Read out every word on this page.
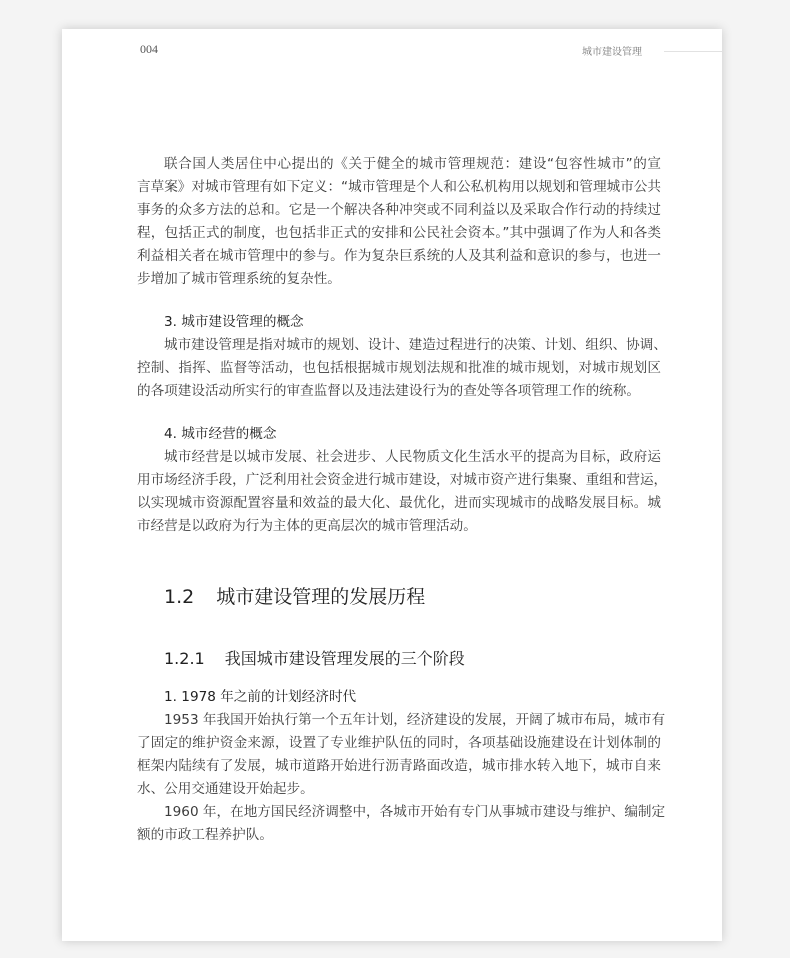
004	城市建设管理
联合国人类居住中心提出的《关于健全的城市管理规范：建设“包容性城市”的宣
言草案》对城市管理有如下定义：“城市管理是个人和公私机构用以规划和管理城市公共
事务的众多方法的总和。它是一个解决各种冲突或不同利益以及采取合作行动的持续过
程，包括正式的制度，也包括非正式的安排和公民社会资本。”其中强调了作为人和各类
利益相关者在城市管理中的参与。作为复杂巨系统的人及其利益和意识的参与，也进一
步增加了城市管理系统的复杂性。
3. 城市建设管理的概念
城市建设管理是指对城市的规划、设计、建造过程进行的决策、计划、组织、协调、
控制、指挥、监督等活动，也包括根据城市规划法规和批准的城市规划，对城市规划区
的各项建设活动所实行的审查监督以及违法建设行为的查处等各项管理工作的统称。
4. 城市经营的概念
城市经营是以城市发展、社会进步、人民物质文化生活水平的提高为目标，政府运
用市场经济手段，广泛利用社会资金进行城市建设，对城市资产进行集聚、重组和营运，
以实现城市资源配置容量和效益的最大化、最优化，进而实现城市的战略发展目标。城
市经营是以政府为行为主体的更高层次的城市管理活动。
1.2 城市建设管理的发展历程
1.2.1 我国城市建设管理发展的三个阶段
1. 1978 年之前的计划经济时代
1953 年我国开始执行第一个五年计划，经济建设的发展，开阔了城市布局，城市有
了固定的维护资金来源，设置了专业维护队伍的同时，各项基础设施建设在计划体制的
框架内陆续有了发展，城市道路开始进行沥青路面改造，城市排水转入地下，城市自来
水、公用交通建设开始起步。
1960 年，在地方国民经济调整中，各城市开始有专门从事城市建设与维护、编制定
额的市政工程养护队。
